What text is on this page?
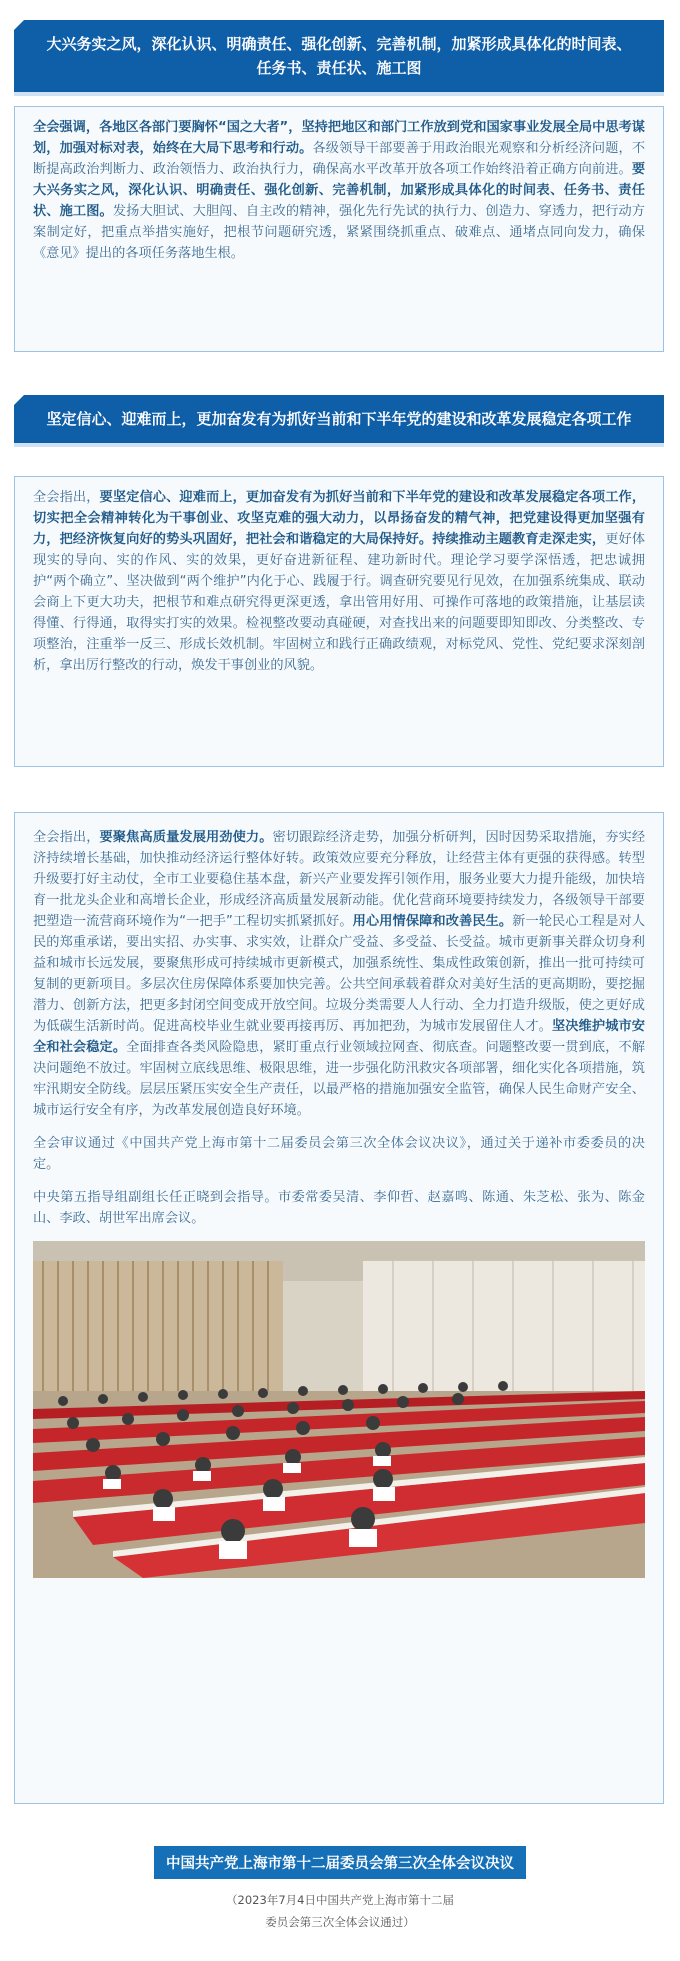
大兴务实之风，深化认识、明确责任、强化创新、完善机制，加紧形成具体化的时间表、任务书、责任状、施工图

全会强调，各地区各部门要胸怀“国之大者”，坚持把地区和部门工作放到党和国家事业发展全局中思考谋划，加强对标对表，始终在大局下思考和行动。各级领导干部要善于用政治眼光观察和分析经济问题，不断提高政治判断力、政治领悟力、政治执行力，确保高水平改革开放各项工作始终沿着正确方向前进。要大兴务实之风，深化认识、明确责任、强化创新、完善机制，加紧形成具体化的时间表、任务书、责任状、施工图。发扬大胆试、大胆闯、自主改的精神，强化先行先试的执行力、创造力、穿透力，把行动方案制定好，把重点举措实施好，把根节问题研究透，紧紧围绕抓重点、破难点、通堵点同向发力，确保《意见》提出的各项任务落地生根。

坚定信心、迎难而上，更加奋发有为抓好当前和下半年党的建设和改革发展稳定各项工作

全会指出，要坚定信心、迎难而上，更加奋发有为抓好当前和下半年党的建设和改革发展稳定各项工作，切实把全会精神转化为干事创业、攻坚克难的强大动力，以昂扬奋发的精气神，把党建设得更加坚强有力，把经济恢复向好的势头巩固好，把社会和谐稳定的大局保持好。持续推动主题教育走深走实，更好体现实的导向、实的作风、实的效果，更好奋进新征程、建功新时代。理论学习要学深悟透，把忠诚拥护“两个确立”、坚决做到“两个维护”内化于心、践履于行。调查研究要见行见效，在加强系统集成、联动会商上下更大功夫，把根节和难点研究得更深更透，拿出管用好用、可操作可落地的政策措施，让基层读得懂、行得通，取得实打实的效果。检视整改要动真碰硬，对查找出来的问题要即知即改、分类整改、专项整治，注重举一反三、形成长效机制。牢固树立和践行正确政绩观，对标党风、党性、党纪要求深刻剖析，拿出厉行整改的行动，焕发干事创业的风貌。

全会指出，要聚焦高质量发展用劲使力。密切跟踪经济走势，加强分析研判，因时因势采取措施，夯实经济持续增长基础，加快推动经济运行整体好转。政策效应要充分释放，让经营主体有更强的获得感。转型升级要打好主动仗，全市工业要稳住基本盘，新兴产业要发挥引领作用，服务业要大力提升能级，加快培育一批龙头企业和高增长企业，形成经济高质量发展新动能。优化营商环境要持续发力，各级领导干部要把塑造一流营商环境作为“一把手”工程切实抓紧抓好。用心用情保障和改善民生。新一轮民心工程是对人民的郑重承诺，要出实招、办实事、求实效，让群众广受益、多受益、长受益。城市更新事关群众切身利益和城市长远发展，要聚焦形成可持续城市更新模式，加强系统性、集成性政策创新，推出一批可持续可复制的更新项目。多层次住房保障体系要加快完善。公共空间承载着群众对美好生活的更高期盼，要挖掘潜力、创新方法，把更多封闭空间变成开放空间。垃圾分类需要人人行动、全力打造升级版，使之更好成为低碳生活新时尚。促进高校毕业生就业要再接再厉、再加把劲，为城市发展留住人才。坚决维护城市安全和社会稳定。全面排查各类风险隐患，紧盯重点行业领域拉网查、彻底查。问题整改要一贯到底，不解决问题绝不放过。牢固树立底线思维、极限思维，进一步强化防汛救灾各项部署，细化实化各项措施，筑牢汛期安全防线。层层压紧压实安全生产责任，以最严格的措施加强安全监管，确保人民生命财产安全、城市运行安全有序，为改革发展创造良好环境。

全会审议通过《中国共产党上海市第十二届委员会第三次全体会议决议》，通过关于递补市委委员的决定。

中央第五指导组副组长任正晓到会指导。市委常委吴清、李仰哲、赵嘉鸣、陈通、朱芝松、张为、陈金山、李政、胡世军出席会议。

中国共产党上海市第十二届委员会第三次全体会议决议
（2023年7月4日中国共产党上海市第十二届
委员会第三次全体会议通过）
